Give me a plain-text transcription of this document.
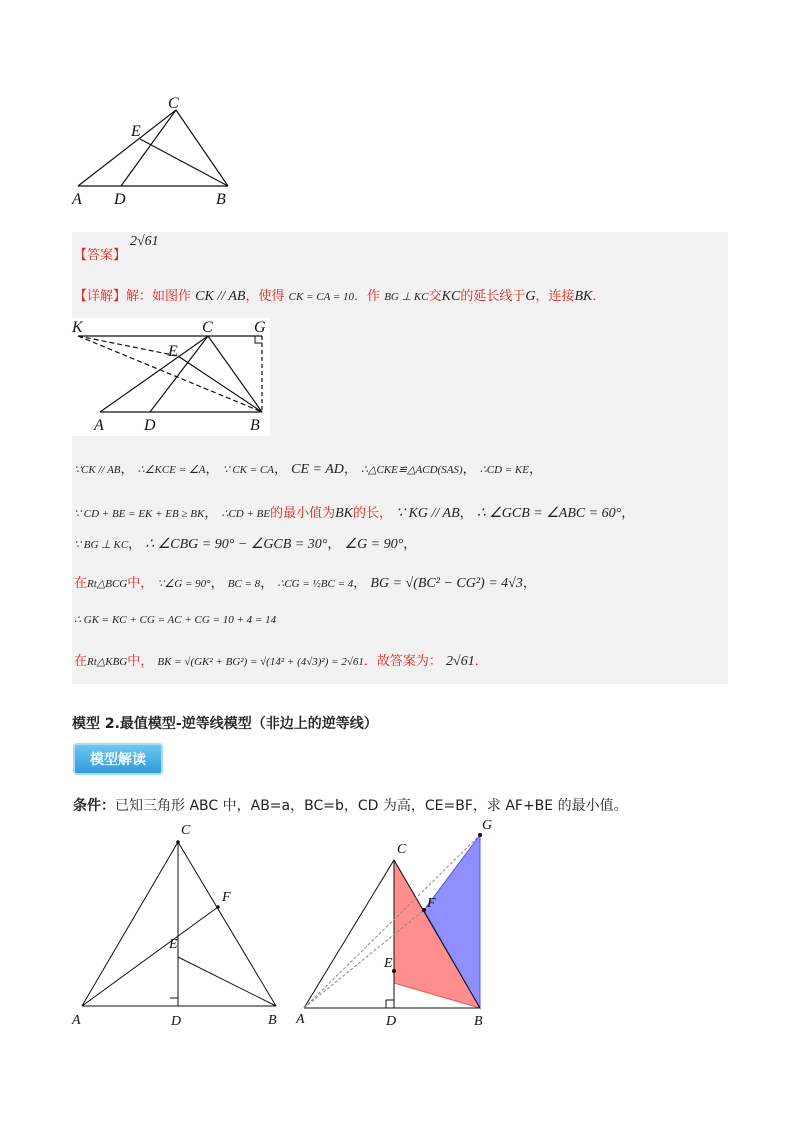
C
E
A D	B
【答案】
2√61
【详解】解：如图作 CK // AB，使得 CK = CA = 10．作 BG ⊥ KC交KC的延长线于G，连接BK．
K	C	G
E
A	D	B
∵CK // AB， ∴∠KCE = ∠A， ∵ CK = CA， CE = AD， ∴△CKE≌△ACD(SAS)， ∴CD = KE，
∵ CD + BE = EK + EB ≥ BK， ∴CD + BE的最小值为BK的长， ∵ KG // AB， ∴ ∠GCB = ∠ABC = 60°，
∵ BG ⊥ KC， ∴ ∠CBG = 90° − ∠GCB = 30°， ∠G = 90°，
在Rt△BCG中， ∵∠G = 90°， BC = 8， ∴CG = ½BC = 4， BG = √(BC² − CG²) = 4√3，
∴ GK = KC + CG = AC + CG = 10 + 4 = 14
在Rt△KBG中， BK = √(GK² + BG²) = √(14² + (4√3)²) = 2√61．故答案为： 2√61．
模型 2.最值模型-逆等线模型（非边上的逆等线）
模型解读
条件：已知三角形 ABC 中，AB=a，BC=b，CD 为高，CE=BF，求 AF+BE 的最小值。
C
F
E
A	D	B
C
G
F
E
A	D	B
